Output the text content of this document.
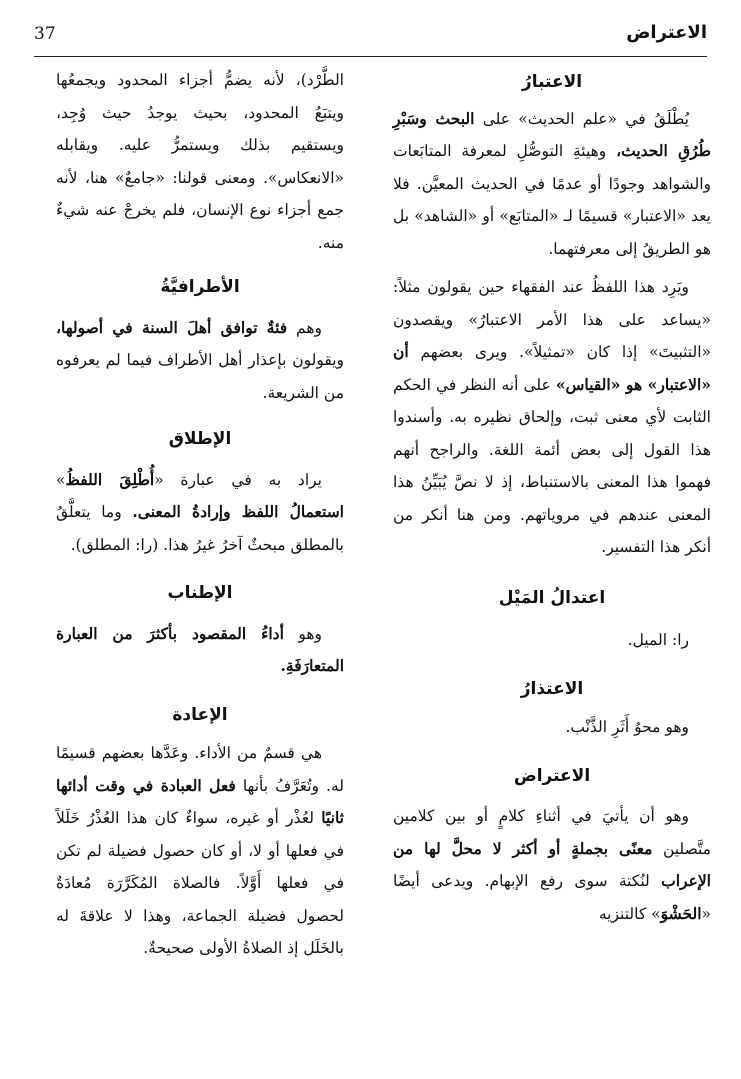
37	الاعتراض
الاعتبارُ

يُطْلَقُ في «علم الحديث» على البحث وسَبْرِ طُرُقِ الحديث، وهيئةِ التوصُّلِ لمعرفة المتابَعات والشواهد وجودًا أو عدمًا في الحديث المعيَّن. فلا يعد «الاعتبار» قسيمًا لـ «المتابَع» أو «الشاهد» بل هو الطريقُ إلى معرفتهما.

ويَرِد هذا اللفظُ عند الفقهاء حين يقولون مثلاً: «يساعد على هذا الأمر الاعتبارُ» ويقصدون «التثبيتَ» إذا كان «تمثيلاً». ويرى بعضهم أن «الاعتبار» هو «القياس» على أنه النظر في الحكم الثابت لأي معنى ثبت، وإلحاق نظيره به. وأسندوا هذا القول إلى بعض أئمة اللغة. والراجح أنهم فهموا هذا المعنى بالاستنباط، إذ لا نصَّ يُبَيِّنُ هذا المعنى عندهم في مروياتهم. ومن هنا أنكر من أنكر هذا التفسير.

اعتدالُ المَيْل

را: الميل.

الاعتذارُ

وهو محوُ أَثَرِ الذَّنْب.

الاعتراض

وهو أن يأتيَ في أثناءِ كلامٍ أو بين كلامين متَّصلين معنًى بجملةٍ أو أكثر لا محلَّ لها من الإعراب لنُكتة سوى رفع الإبهام. ويدعى أيضًا «الحَشْوَ» كالتنزيه

الطَّرْد)، لأنه يضمُّ أجزاء المحدود ويجمعُها ويتبَعُ المحدود، بحيث يوجدُ حيث وُجِد، ويستقيم بذلك ويستمرُّ عليه. ويقابله «الانعكاس». ومعنى قولنا: «جامعٌ» هنا، لأنه جمع أجزاء نوع الإنسان، فلم يخرجْ عنه شيءٌ منه.

الأطرافيَّةُ

وهم فئةٌ توافق أهلَ السنة في أصولها، ويقولون بإعذار أهل الأطراف فيما لم يعرفوه من الشريعة.

الإطلاق

يراد به في عبارة «أُطْلِقَ اللفظُ» استعمالُ اللفظ وإرادةُ المعنى. وما يتعلَّقُ بالمطلق مبحثٌ آخرُ غيرُ هذا. (را: المطلق).

الإطناب

وهو أداءُ المقصود بأكثرَ من العبارة المتعارَفَةِ.

الإعادة

هي قسمٌ من الأداء. وعَدَّها بعضهم قسيمًا له. وتُعَرَّفُ بأنها فعل العبادة في وقت أدائها ثانيًا لعُذْر أو غيره، سواءٌ كان هذا العُذْرُ خَلَلاً في فعلها أو لا، أو كان حصول فضيلة لم تكن في فعلها أَوَّلاً. فالصلاة المُكَرَّرَة مُعادَةٌ لحصول فضيلة الجماعة، وهذا لا علاقةَ له بالخَلَل إذ الصلاةُ الأولى صحيحةٌ.
